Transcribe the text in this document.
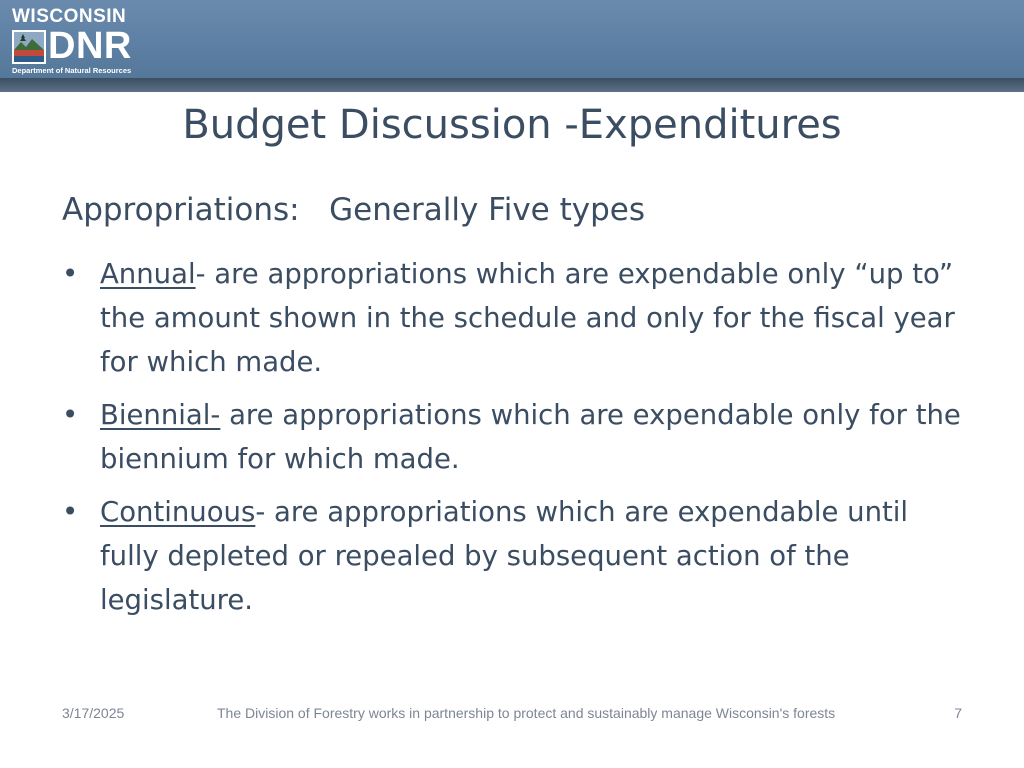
WISCONSIN
DNR
Department of Natural Resources
Budget Discussion -Expenditures
Appropriations:   Generally Five types
• Annual- are appropriations which are expendable only “up to” the amount shown in the schedule and only for the fiscal year for which made.
• Biennial- are appropriations which are expendable only for the biennium for which made.
• Continuous- are appropriations which are expendable until fully depleted or repealed by subsequent action of the legislature.
3/17/2025	The Division of Forestry works in partnership to protect and sustainably manage Wisconsin's forests	7
